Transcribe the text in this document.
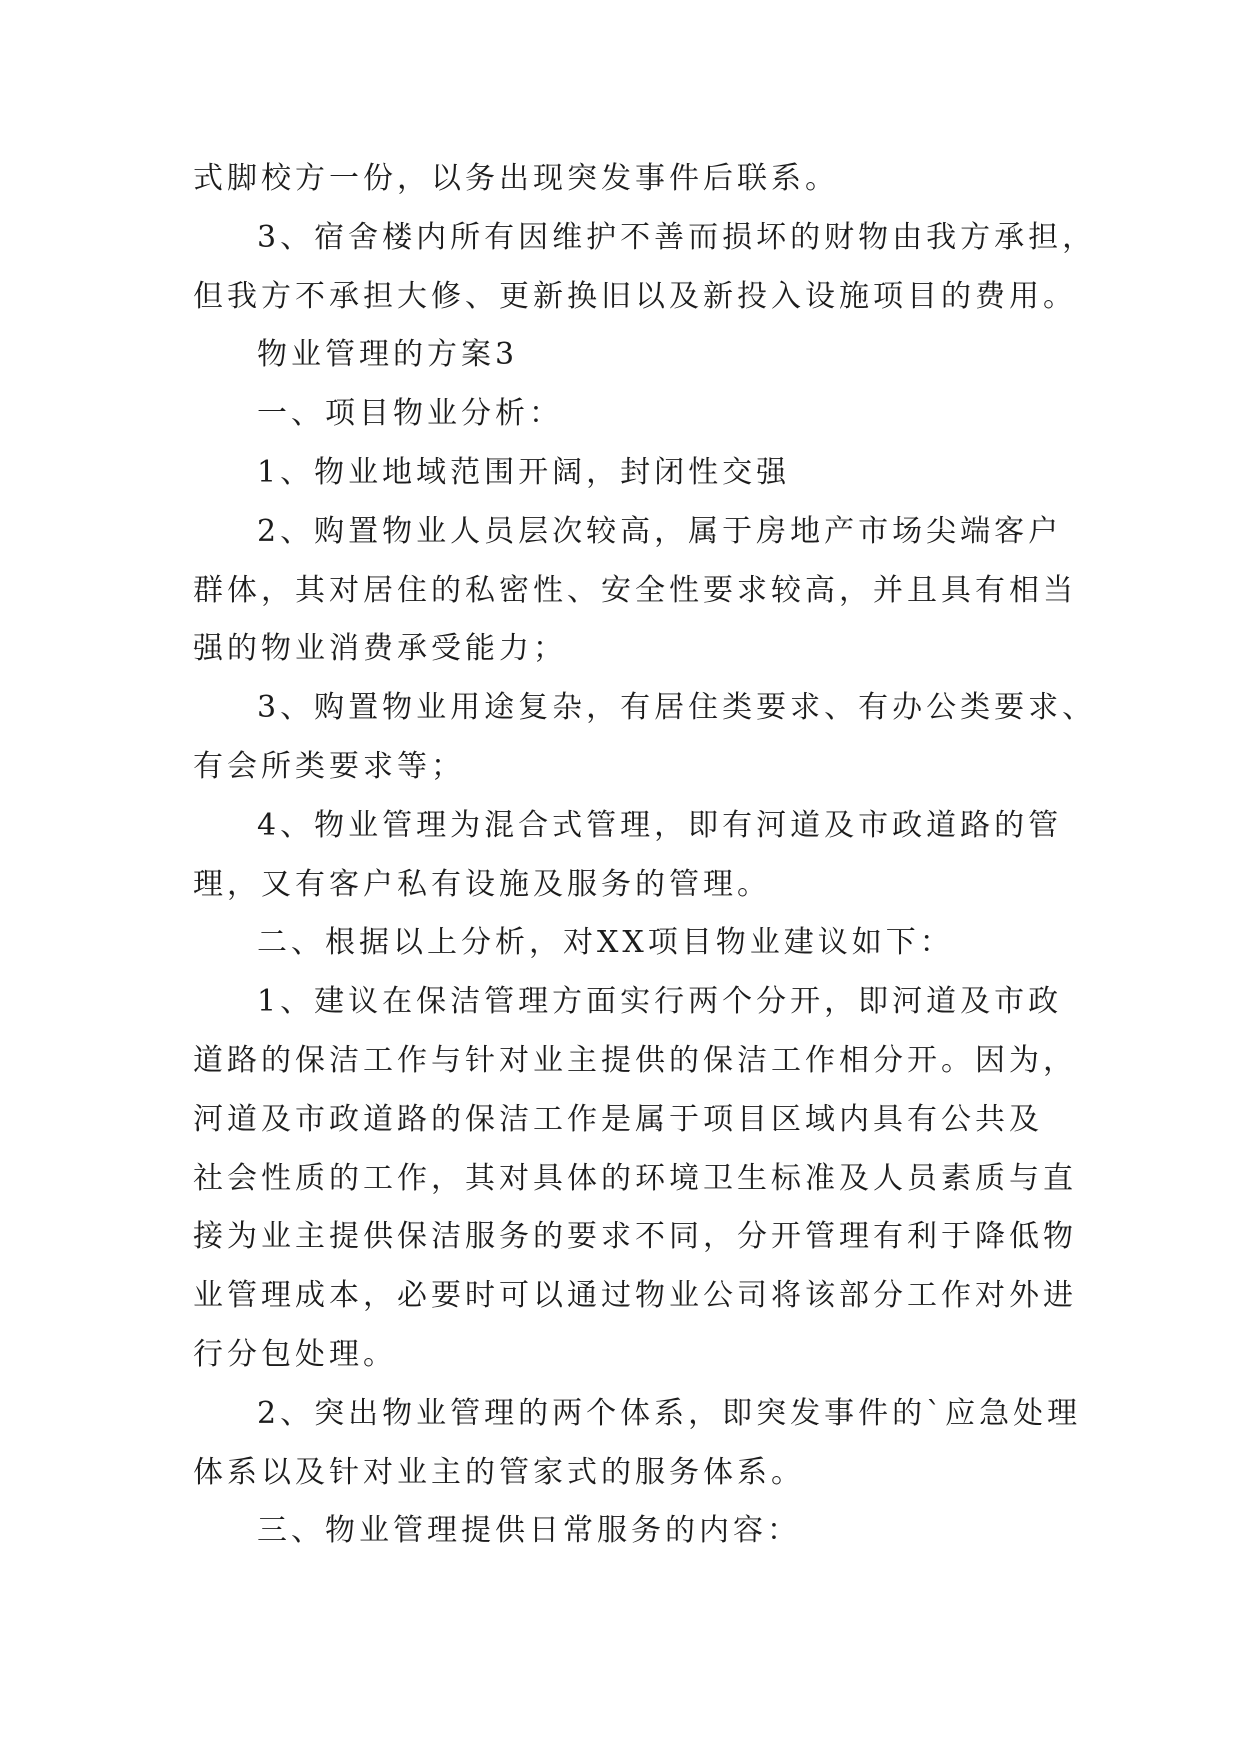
式脚校方一份，以务出现突发事件后联系。
3、宿舍楼内所有因维护不善而损坏的财物由我方承担，
但我方不承担大修、更新换旧以及新投入设施项目的费用。
物业管理的方案3
一、项目物业分析：
1、物业地域范围开阔，封闭性交强
2、购置物业人员层次较高，属于房地产市场尖端客户
群体，其对居住的私密性、安全性要求较高，并且具有相当
强的物业消费承受能力；
3、购置物业用途复杂，有居住类要求、有办公类要求、
有会所类要求等；
4、物业管理为混合式管理，即有河道及市政道路的管
理，又有客户私有设施及服务的管理。
二、根据以上分析，对XX项目物业建议如下：
1、建议在保洁管理方面实行两个分开，即河道及市政
道路的保洁工作与针对业主提供的保洁工作相分开。因为，
河道及市政道路的保洁工作是属于项目区域内具有公共及
社会性质的工作，其对具体的环境卫生标准及人员素质与直
接为业主提供保洁服务的要求不同，分开管理有利于降低物
业管理成本，必要时可以通过物业公司将该部分工作对外进
行分包处理。
2、突出物业管理的两个体系，即突发事件的`应急处理
体系以及针对业主的管家式的服务体系。
三、物业管理提供日常服务的内容：
